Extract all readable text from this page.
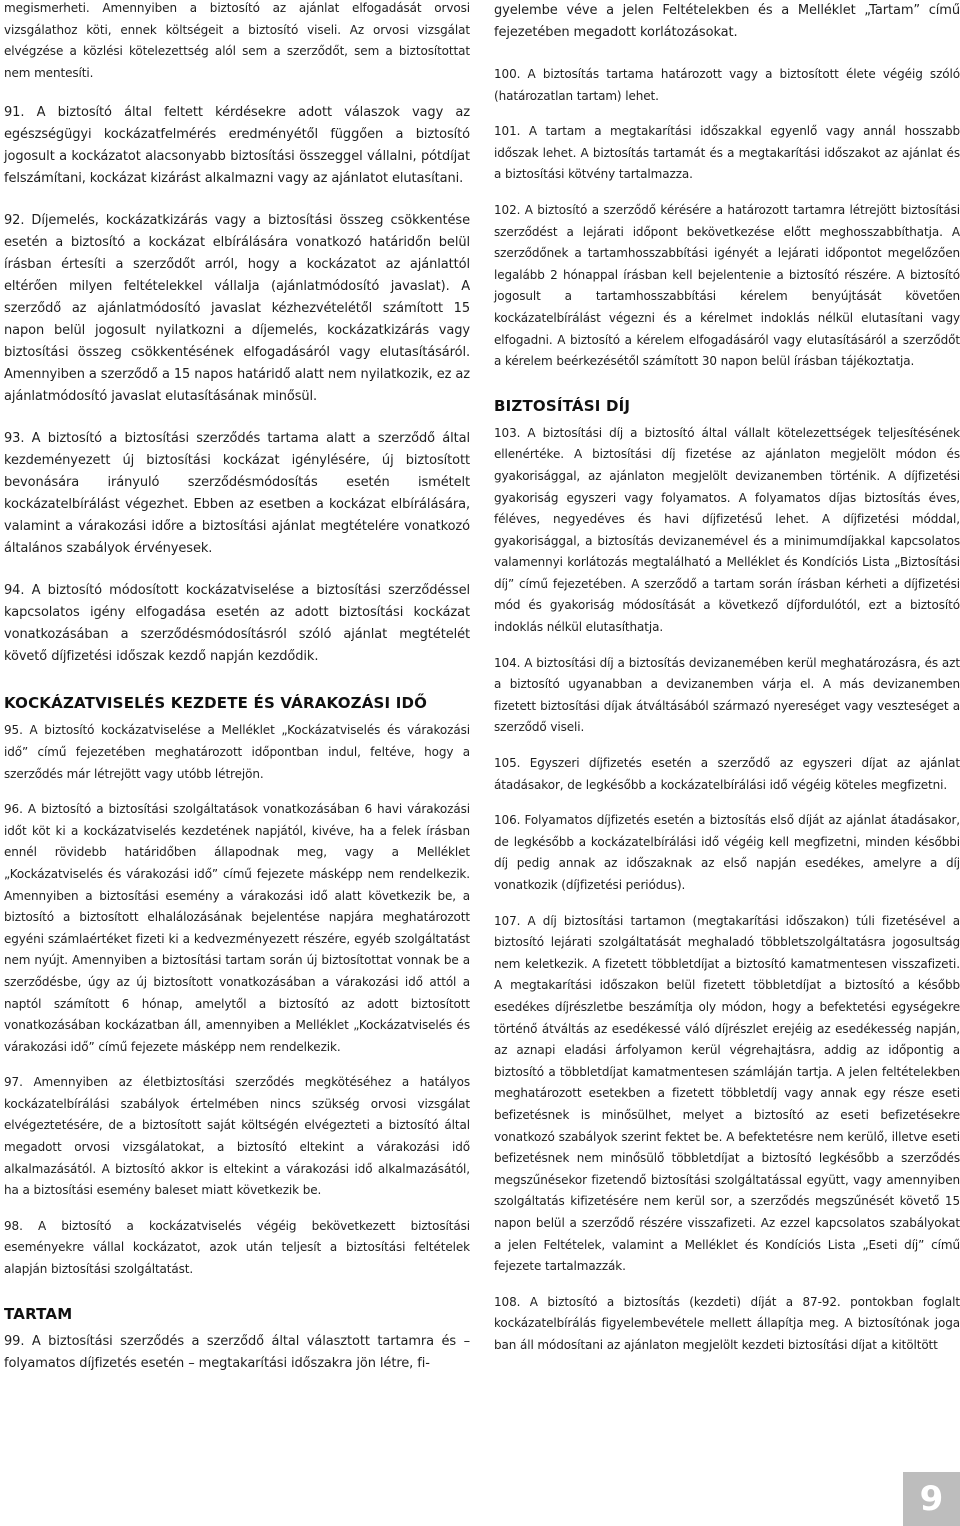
megismerheti. Amennyiben a biztosító az ajánlat elfogadását orvosi vizsgálathoz köti, ennek költségeit a biztosító viseli. Az orvosi vizsgálat elvégzése a közlési kötelezettség alól sem a szerződőt, sem a biztosítottat nem mentesíti.

91. A biztosító által feltett kérdésekre adott válaszok vagy az egészségügyi kockázatfelmérés eredményétől függően a biztosító jogosult a kockázatot alacsonyabb biztosítási összeggel vállalni, pótdíjat felszámítani, kockázat kizárást alkalmazni vagy az ajánlatot elutasítani.

92. Díjemelés, kockázatkizárás vagy a biztosítási összeg csökkentése esetén a biztosító a kockázat elbírálására vonatkozó határidőn belül írásban értesíti a szerződőt arról, hogy a kockázatot az ajánlattól eltérően milyen feltételekkel vállalja (ajánlatmódosító javaslat). A szerződő az ajánlatmódosító javaslat kézhezvételétől számított 15 napon belül jogosult nyilatkozni a díjemelés, kockázatkizárás vagy biztosítási összeg csökkentésének elfogadásáról vagy elutasításáról. Amennyiben a szerződő a 15 napos határidő alatt nem nyilatkozik, ez az ajánlatmódosító javaslat elutasításának minősül.

93. A biztosító a biztosítási szerződés tartama alatt a szerződő által kezdeményezett új biztosítási kockázat igénylésére, új biztosított bevonására irányuló szerződésmódosítás esetén ismételt kockázatelbírálást végezhet. Ebben az esetben a kockázat elbírálására, valamint a várakozási időre a biztosítási ajánlat megtételére vonatkozó általános szabályok érvényesek.

94. A biztosító módosított kockázatviselése a biztosítási szerződéssel kapcsolatos igény elfogadása esetén az adott biztosítási kockázat vonatkozásában a szerződésmódosításról szóló ajánlat megtételét követő díjfizetési időszak kezdő napján kezdődik.

KOCKÁZATVISELÉS KEZDETE ÉS VÁRAKOZÁSI IDŐ

95. A biztosító kockázatviselése a Melléklet „Kockázatviselés és várakozási idő” című fejezetében meghatározott időpontban indul, feltéve, hogy a szerződés már létrejött vagy utóbb létrejön.

96. A biztosító a biztosítási szolgáltatások vonatkozásában 6 havi várakozási időt köt ki a kockázatviselés kezdetének napjától, kivéve, ha a felek írásban ennél rövidebb határidőben állapodnak meg, vagy a Melléklet „Kockázatviselés és várakozási idő” című fejezete másképp nem rendelkezik. Amennyiben a biztosítási esemény a várakozási idő alatt következik be, a biztosító a biztosított elhalálozásának bejelentése napjára meghatározott egyéni számlaértéket fizeti ki a kedvezményezett részére, egyéb szolgáltatást nem nyújt. Amennyiben a biztosítási tartam során új biztosítottat vonnak be a szerződésbe, úgy az új biztosított vonatkozásában a várakozási idő attól a naptól számított 6 hónap, amelytől a biztosító az adott biztosított vonatkozásában kockázatban áll, amennyiben a Melléklet „Kockázatviselés és várakozási idő” című fejezete másképp nem rendelkezik.

97. Amennyiben az életbiztosítási szerződés megkötéséhez a hatályos kockázatelbírálási szabályok értelmében nincs szükség orvosi vizsgálat elvégeztetésére, de a biztosított saját költségén elvégezteti a biztosító által megadott orvosi vizsgálatokat, a biztosító eltekint a várakozási idő alkalmazásától. A biztosító akkor is eltekint a várakozási idő alkalmazásától, ha a biztosítási esemény baleset miatt következik be.

98. A biztosító a kockázatviselés végéig bekövetkezett biztosítási eseményekre vállal kockázatot, azok után teljesít a biztosítási feltételek alapján biztosítási szolgáltatást.

TARTAM

99. A biztosítási szerződés a szerződő által választott tartamra és – folyamatos díjfizetés esetén – megtakarítási időszakra jön létre, fi-

gyelembe véve a jelen Feltételekben és a Melléklet „Tartam” című fejezetében megadott korlátozásokat.

100. A biztosítás tartama határozott vagy a biztosított élete végéig szóló (határozatlan tartam) lehet.

101. A tartam a megtakarítási időszakkal egyenlő vagy annál hosszabb időszak lehet. A biztosítás tartamát és a megtakarítási időszakot az ajánlat és a biztosítási kötvény tartalmazza.

102. A biztosító a szerződő kérésére a határozott tartamra létrejött biztosítási szerződést a lejárati időpont bekövetkezése előtt meghosszabbíthatja. A szerződőnek a tartamhosszabbítási igényét a lejárati időpontot megelőzően legalább 2 hónappal írásban kell bejelentenie a biztosító részére. A biztosító jogosult a tartamhosszabbítási kérelem benyújtását követően kockázatelbírálást végezni és a kérelmet indoklás nélkül elutasítani vagy elfogadni. A biztosító a kérelem elfogadásáról vagy elutasításáról a szerződőt a kérelem beérkezésétől számított 30 napon belül írásban tájékoztatja.

BIZTOSÍTÁSI DÍJ

103. A biztosítási díj a biztosító által vállalt kötelezettségek teljesítésének ellenértéke. A biztosítási díj fizetése az ajánlaton megjelölt módon és gyakorisággal, az ajánlaton megjelölt devizanemben történik. A díjfizetési gyakoriság egyszeri vagy folyamatos. A folyamatos díjas biztosítás éves, féléves, negyedéves és havi díjfizetésű lehet. A díjfizetési móddal, gyakorisággal, a biztosítás devizanemével és a minimumdíjakkal kapcsolatos valamennyi korlátozás megtalálható a Melléklet és Kondíciós Lista „Biztosítási díj” című fejezetében. A szerződő a tartam során írásban kérheti a díjfizetési mód és gyakoriság módosítását a következő díjfordulótól, ezt a biztosító indoklás nélkül elutasíthatja.

104. A biztosítási díj a biztosítás devizanemében kerül meghatározásra, és azt a biztosító ugyanabban a devizanemben várja el. A más devizanemben fizetett biztosítási díjak átváltásából származó nyereséget vagy veszteséget a szerződő viseli.

105. Egyszeri díjfizetés esetén a szerződő az egyszeri díjat az ajánlat átadásakor, de legkésőbb a kockázatelbírálási idő végéig köteles megfizetni.

106. Folyamatos díjfizetés esetén a biztosítás első díját az ajánlat átadásakor, de legkésőbb a kockázatelbírálási idő végéig kell megfizetni, minden későbbi díj pedig annak az időszaknak az első napján esedékes, amelyre a díj vonatkozik (díjfizetési periódus).

107. A díj biztosítási tartamon (megtakarítási időszakon) túli fizetésével a biztosító lejárati szolgáltatását meghaladó többletszolgáltatásra jogosultság nem keletkezik. A fizetett többletdíjat a biztosító kamatmentesen visszafizeti. A megtakarítási időszakon belül fizetett többletdíjat a biztosító a később esedékes díjrészletbe beszámítja oly módon, hogy a befektetési egységekre történő átváltás az esedékessé váló díjrészlet erejéig az esedékesség napján, az aznapi eladási árfolyamon kerül végrehajtásra, addig az időpontig a biztosító a többletdíjat kamatmentesen számláján tartja. A jelen feltételekben meghatározott esetekben a fizetett többletdíj vagy annak egy része eseti befizetésnek is minősülhet, melyet a biztosító az eseti befizetésekre vonatkozó szabályok szerint fektet be. A befektetésre nem kerülő, illetve eseti befizetésnek nem minősülő többletdíjat a biztosító legkésőbb a szerződés megszűnésekor fizetendő biztosítási szolgáltatással együtt, vagy amennyiben szolgáltatás kifizetésére nem kerül sor, a szerződés megszűnését követő 15 napon belül a szerződő részére visszafizeti. Az ezzel kapcsolatos szabályokat a jelen Feltételek, valamint a Melléklet és Kondíciós Lista „Eseti díj” című fejezete tartalmazzák.

108. A biztosító a biztosítás (kezdeti) díját a 87-92. pontokban foglalt kockázatelbírálás figyelembevétele mellett állapítja meg. A biztosítónak joga ban áll módosítani az ajánlaton megjelölt kezdeti biztosítási díjat a kitöltött

9
